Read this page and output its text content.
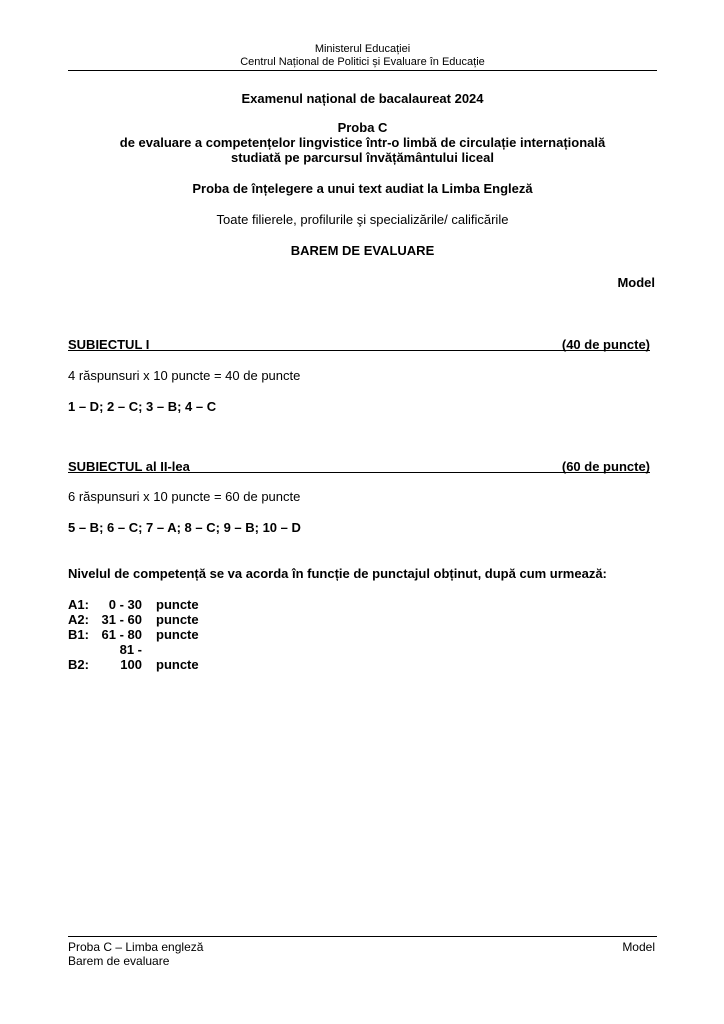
Ministerul Educației
Centrul Național de Politici și Evaluare în Educație
Examenul național de bacalaureat 2024
Proba C
de evaluare a competențelor lingvistice într-o limbă de circulație internațională
studiată pe parcursul învățământului liceal
Proba de înțelegere a unui text audiat la Limba Engleză
Toate filierele, profilurile şi specializările/ calificările
BAREM DE EVALUARE
Model
SUBIECTUL I	(40 de puncte)
4 răspunsuri x 10 puncte = 40 de puncte
1 – D; 2 – C; 3 – B; 4 – C
SUBIECTUL al II-lea	(60 de puncte)
6 răspunsuri x 10 puncte = 60 de puncte
5 – B; 6 – C; 7 – A; 8 – C; 9 – B; 10 – D
Nivelul de competență se va acorda în funcție de punctajul obținut, după cum urmează:
A1: 0 - 30 puncte
A2: 31 - 60 puncte
B1: 61 - 80 puncte
B2:81 - 100 puncte
Proba C – Limba engleză
Barem de evaluare
Model
